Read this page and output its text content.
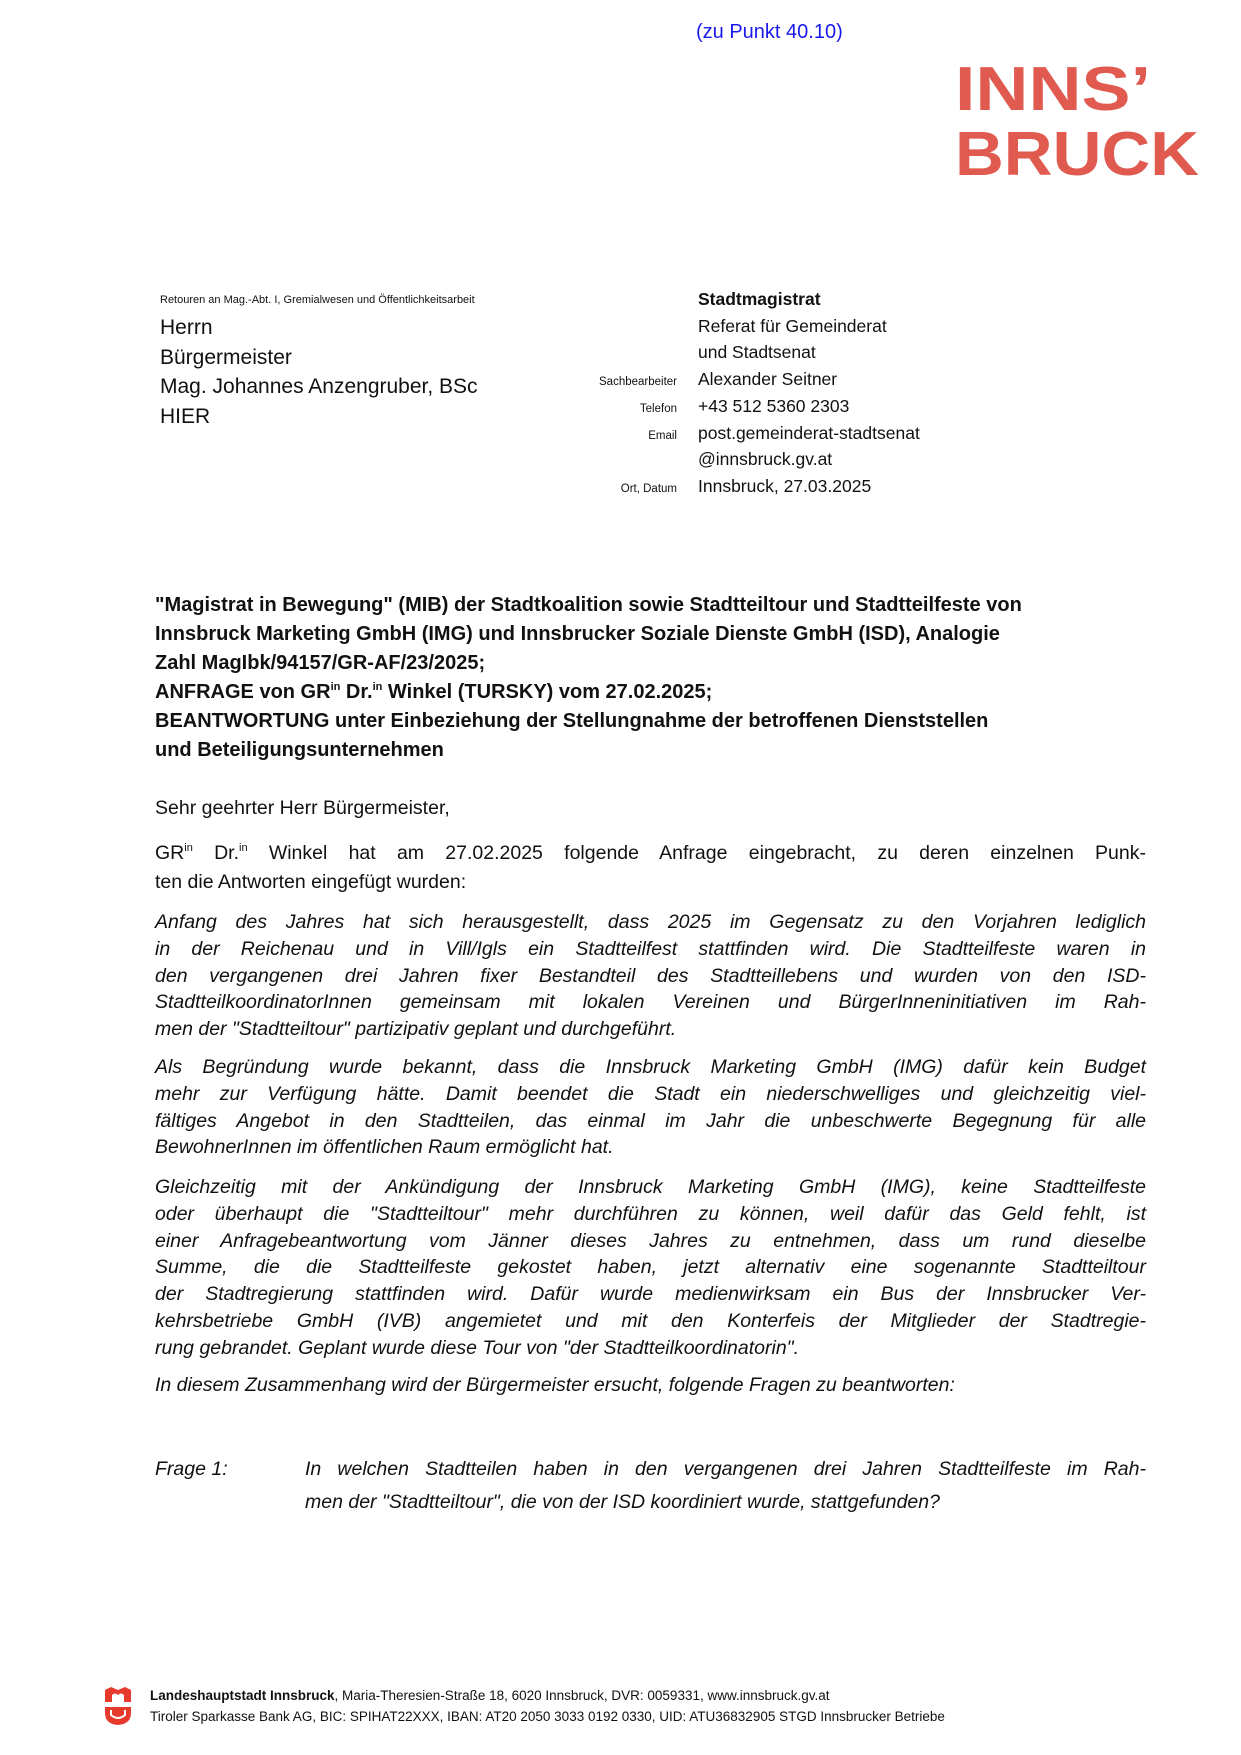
(zu Punkt 40.10)
INNS’
BRUCK
Retouren an Mag.-Abt. I, Gremialwesen und Öffentlichkeitsarbeit
Herrn
Bürgermeister
Mag. Johannes Anzengruber, BSc
HIER
Stadtmagistrat
Referat für Gemeinderat
und Stadtsenat
Sachbearbeiter Alexander Seitner
Telefon +43 512 5360 2303
Email post.gemeinderat-stadtsenat
@innsbruck.gv.at
Ort, Datum Innsbruck, 27.03.2025
"Magistrat in Bewegung" (MIB) der Stadtkoalition sowie Stadtteiltour und Stadtteilfeste von
Innsbruck Marketing GmbH (IMG) und Innsbrucker Soziale Dienste GmbH (ISD), Analogie
Zahl MagIbk/94157/GR-AF/23/2025;
ANFRAGE von $GR^{in}$ Dr.$^{in}$ Winkel (TURSKY) vom 27.02.2025;
BEANTWORTUNG unter Einbeziehung der Stellungnahme der betroffenen Dienststellen
und Beteiligungsunternehmen
Sehr geehrter Herr Bürgermeister,
$GR^{in}$ Dr.$^{in}$ Winkel hat am 27.02.2025 folgende Anfrage eingebracht, zu deren einzelnen Punk-
ten die Antworten eingefügt wurden:
Anfang des Jahres hat sich herausgestellt, dass 2025 im Gegensatz zu den Vorjahren lediglich
in der Reichenau und in Vill/Igls ein Stadtteilfest stattfinden wird. Die Stadtteilfeste waren in
den vergangenen drei Jahren fixer Bestandteil des Stadtteillebens und wurden von den ISD-
StadtteilkoordinatorInnen gemeinsam mit lokalen Vereinen und BürgerInneninitiativen im Rah-
men der "Stadtteiltour" partizipativ geplant und durchgeführt.
Als Begründung wurde bekannt, dass die Innsbruck Marketing GmbH (IMG) dafür kein Budget
mehr zur Verfügung hätte. Damit beendet die Stadt ein niederschwelliges und gleichzeitig viel-
fältiges Angebot in den Stadtteilen, das einmal im Jahr die unbeschwerte Begegnung für alle
BewohnerInnen im öffentlichen Raum ermöglicht hat.
Gleichzeitig mit der Ankündigung der Innsbruck Marketing GmbH (IMG), keine Stadtteilfeste
oder überhaupt die "Stadtteiltour" mehr durchführen zu können, weil dafür das Geld fehlt, ist
einer Anfragebeantwortung vom Jänner dieses Jahres zu entnehmen, dass um rund dieselbe
Summe, die die Stadtteilfeste gekostet haben, jetzt alternativ eine sogenannte Stadtteiltour
der Stadtregierung stattfinden wird. Dafür wurde medienwirksam ein Bus der Innsbrucker Ver-
kehrsbetriebe GmbH (IVB) angemietet und mit den Konterfeis der Mitglieder der Stadtregie-
rung gebrandet. Geplant wurde diese Tour von "der Stadtteilkoordinatorin".
In diesem Zusammenhang wird der Bürgermeister ersucht, folgende Fragen zu beantworten:
Frage 1:	In welchen Stadtteilen haben in den vergangenen drei Jahren Stadtteilfeste im Rah-
men der "Stadtteiltour", die von der ISD koordiniert wurde, stattgefunden?
Landeshauptstadt Innsbruck, Maria-Theresien-Straße 18, 6020 Innsbruck, DVR: 0059331, www.innsbruck.gv.at
Tiroler Sparkasse Bank AG, BIC: SPIHAT22XXX, IBAN: AT20 2050 3033 0192 0330, UID: ATU36832905 STGD Innsbrucker Betriebe
